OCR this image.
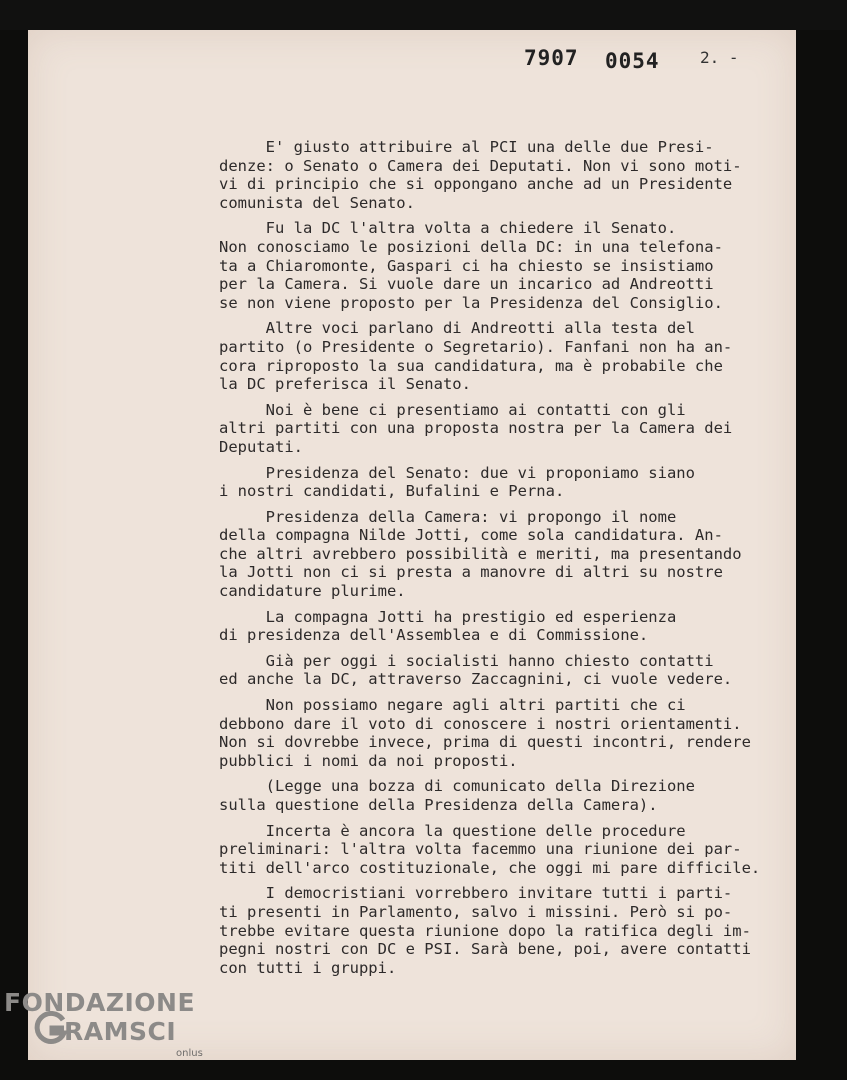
7907 0054	2. -

E' giusto attribuire al PCI una delle due Presi-
denze: o Senato o Camera dei Deputati. Non vi sono moti-
vi di principio che si oppongano anche ad un Presidente
comunista del Senato.

Fu la DC l'altra volta a chiedere il Senato.
Non conosciamo le posizioni della DC: in una telefona-
ta a Chiaromonte, Gaspari ci ha chiesto se insistiamo
per la Camera. Si vuole dare un incarico ad Andreotti
se non viene proposto per la Presidenza del Consiglio.

Altre voci parlano di Andreotti alla testa del
partito (o Presidente o Segretario). Fanfani non ha an-
cora riproposto la sua candidatura, ma è probabile che
la DC preferisca il Senato.

Noi è bene ci presentiamo ai contatti con gli
altri partiti con una proposta nostra per la Camera dei
Deputati.

Presidenza del Senato: due vi proponiamo siano
i nostri candidati, Bufalini e Perna.

Presidenza della Camera: vi propongo il nome
della compagna Nilde Jotti, come sola candidatura. An-
che altri avrebbero possibilità e meriti, ma presentando
la Jotti non ci si presta a manovre di altri su nostre
candidature plurime.

La compagna Jotti ha prestigio ed esperienza
di presidenza dell'Assemblea e di Commissione.

Già per oggi i socialisti hanno chiesto contatti
ed anche la DC, attraverso Zaccagnini, ci vuole vedere.

Non possiamo negare agli altri partiti che ci
debbono dare il voto di conoscere i nostri orientamenti.
Non si dovrebbe invece, prima di questi incontri, rendere
pubblici i nomi da noi proposti.

(Legge una bozza di comunicato della Direzione
sulla questione della Presidenza della Camera).

Incerta è ancora la questione delle procedure
preliminari: l'altra volta facemmo una riunione dei par-
titi dell'arco costituzionale, che oggi mi pare difficile.

I democristiani vorrebbero invitare tutti i parti-
ti presenti in Parlamento, salvo i missini. Però si po-
trebbe evitare questa riunione dopo la ratifica degli im-
pegni nostri con DC e PSI. Sarà bene, poi, avere contatti
con tutti i gruppi.

FONDAZIONE
RAMSCI
onlus
